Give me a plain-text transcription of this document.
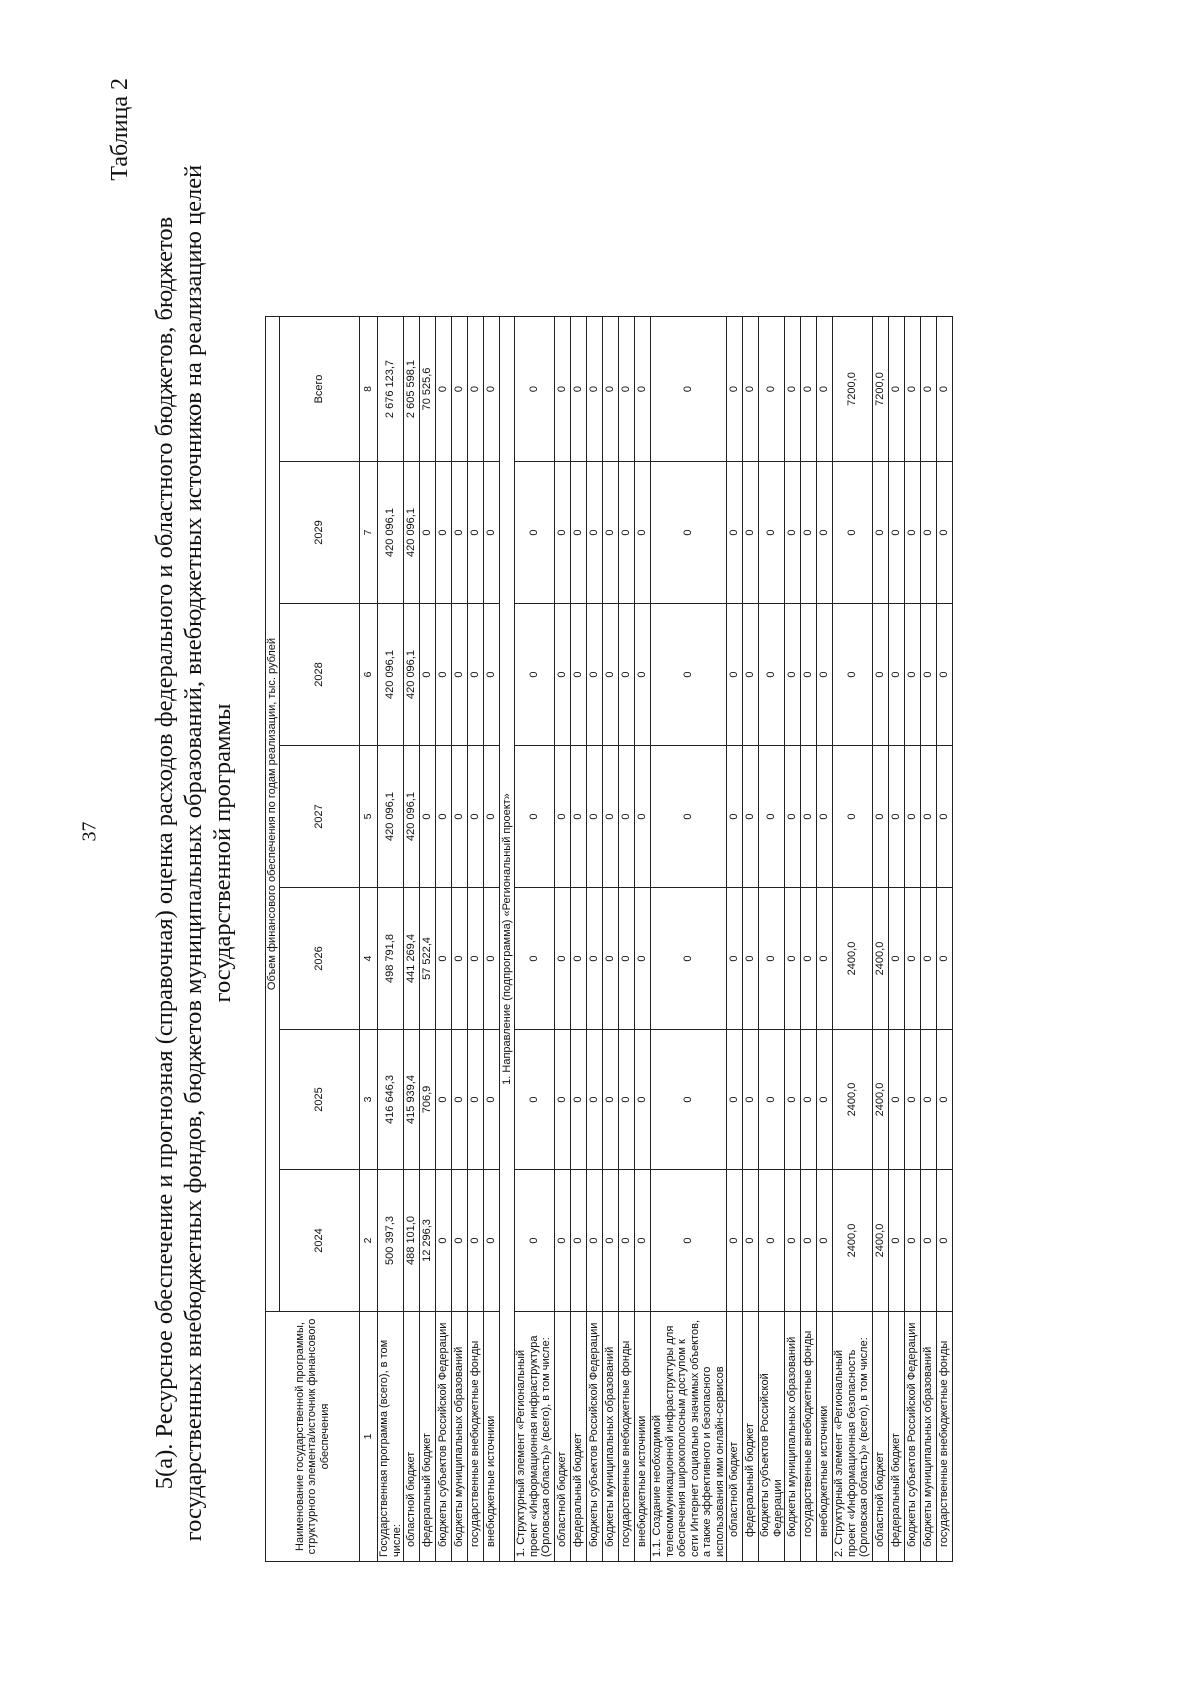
37
Таблица 2
5(а). Ресурсное обеспечение и прогнозная (справочная) оценка расходов федерального и областного бюджетов, бюджетов государственных внебюджетных фондов, бюджетов муниципальных образований, внебюджетных источников на реализацию целей государственной программы
Наименование государственной программы, структурного элемента/источник финансового обеспечения	Объем финансового обеспечения по годам реализации, тыс. рублей						
	2024	2025	2026	2027	2028	2029	Всего
1	2	3	4	5	6	7	8
Государственная программа (всего), в том числе:	500 397,3	416 646,3	498 791,8	420 096,1	420 096,1	420 096,1	2 676 123,7
областной бюджет	488 101,0	415 939,4	441 269,4	420 096,1	420 096,1	420 096,1	2 605 598,1
федеральный бюджет	12 296,3	706,9	57 522,4	0	0	0	70 525,6
бюджеты субъектов Российской Федерации	0	0	0	0	0	0	0
бюджеты муниципальных образований	0	0	0	0	0	0	0
государственные внебюджетные фонды	0	0	0	0	0	0	0
внебюджетные источники	0	0	0	0	0	0	0
1. Направление (подпрограмма) «Региональный проект»							
1. Структурный элемент «Региональный проект «Информационная инфраструктура (Орловская область)» (всего), в том числе:	0	0	0	0	0	0	0
областной бюджет	0	0	0	0	0	0	0
федеральный бюджет	0	0	0	0	0	0	0
бюджеты субъектов Российской Федерации	0	0	0	0	0	0	0
бюджеты муниципальных образований	0	0	0	0	0	0	0
государственные внебюджетные фонды	0	0	0	0	0	0	0
внебюджетные источники	0	0	0	0	0	0	0
1.1. Создание необходимой телекоммуникационной инфраструктуры для обеспечения широкополосным доступом к сети Интернет социально значимых объектов, а также эффективного и безопасного использования ими онлайн-сервисов	0	0	0	0	0	0	0
областной бюджет	0	0	0	0	0	0	0
федеральный бюджет	0	0	0	0	0	0	0
бюджеты субъектов Российской Федерации	0	0	0	0	0	0	0
бюджеты муниципальных образований	0	0	0	0	0	0	0
государственные внебюджетные фонды	0	0	0	0	0	0	0
внебюджетные источники	0	0	0	0	0	0	0
2. Структурный элемент «Региональный проект «Информационная безопасность (Орловская область)» (всего), в том числе:	2400,0	2400,0	2400,0	0	0	0	7200,0
областной бюджет	2400,0	2400,0	2400,0	0	0	0	7200,0
федеральный бюджет	0	0	0	0	0	0	0
бюджеты субъектов Российской Федерации	0	0	0	0	0	0	0
бюджеты муниципальных образований	0	0	0	0	0	0	0
государственные внебюджетные фонды	0	0	0	0	0	0	0
